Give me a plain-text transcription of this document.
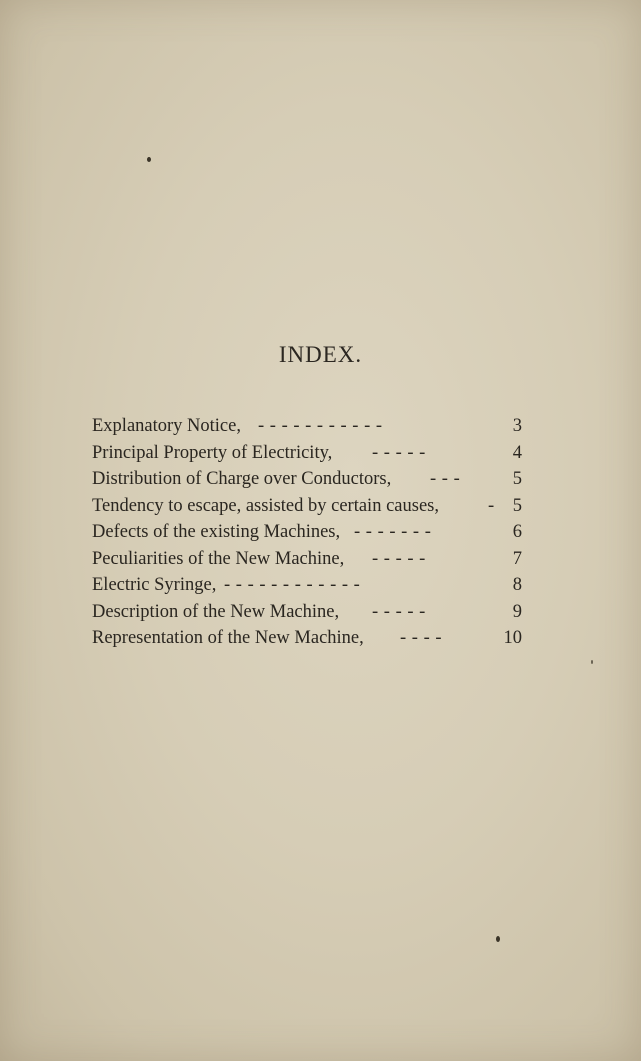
INDEX.
Explanatory Notice, - - - - - - - - - - -	3
Principal Property of Electricity, - - - - -	4
Distribution of Charge over Conductors, - - -	5
Tendency to escape, assisted by certain causes,	- 5
Defects of the existing Machines, - - - - - - -	6
Peculiarities of the New Machine, - - - - -	7
Electric Syringe, - - - - - - - - - - - -	8
Description of the New Machine, - - - - -	9
Representation of the New Machine, - - - -	10
